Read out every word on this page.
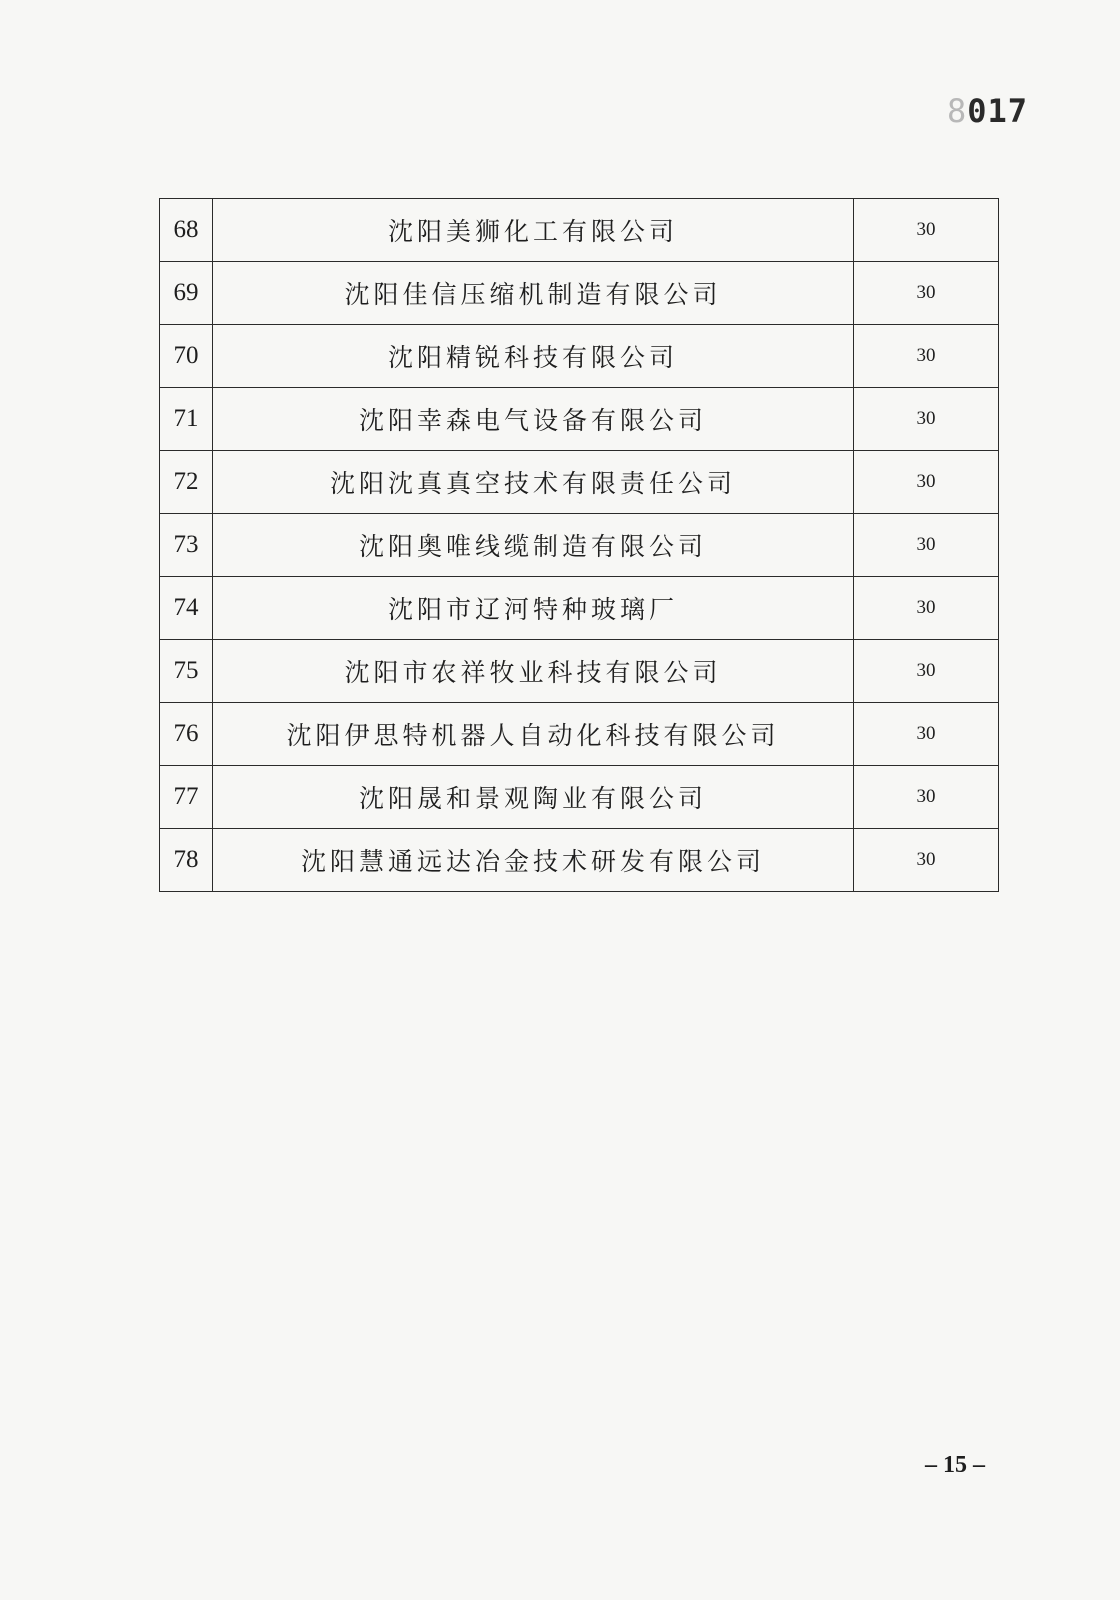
8017
68	沈阳美狮化工有限公司	30
69	沈阳佳信压缩机制造有限公司	30
70	沈阳精锐科技有限公司	30
71	沈阳幸森电气设备有限公司	30
72	沈阳沈真真空技术有限责任公司	30
73	沈阳奥唯线缆制造有限公司	30
74	沈阳市辽河特种玻璃厂	30
75	沈阳市农祥牧业科技有限公司	30
76	沈阳伊思特机器人自动化科技有限公司	30
77	沈阳晟和景观陶业有限公司	30
78	沈阳慧通远达冶金技术研发有限公司	30
– 15 –
